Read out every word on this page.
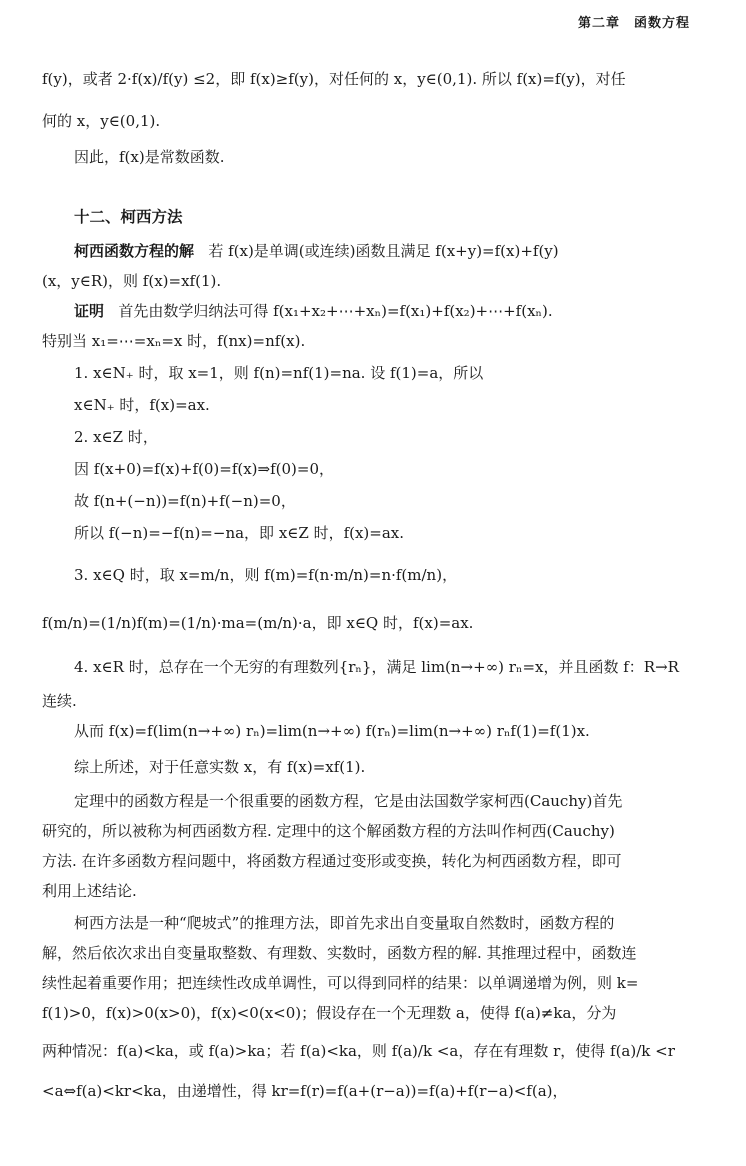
第二章　函数方程
f(y)，或者 2·f(x)/f(y) ≤2，即 f(x)≥f(y)，对任何的 x，y∈(0,1). 所以 f(x)=f(y)，对任
何的 x，y∈(0,1).
因此，f(x)是常数函数.
十二、柯西方法
柯西函数方程的解 若 f(x)是单调(或连续)函数且满足 f(x+y)=f(x)+f(y)
(x，y∈R)，则 f(x)=xf(1).
证明 首先由数学归纳法可得 f(x₁+x₂+⋯+xₙ)=f(x₁)+f(x₂)+⋯+f(xₙ).
特别当 x₁=⋯=xₙ=x 时，f(nx)=nf(x).
1. x∈N₊ 时，取 x=1，则 f(n)=nf(1)=na. 设 f(1)=a，所以
x∈N₊ 时，f(x)=ax.
2. x∈Z 时，
因 f(x+0)=f(x)+f(0)=f(x)⇒f(0)=0，
故 f(n+(−n))=f(n)+f(−n)=0，
所以 f(−n)=−f(n)=−na，即 x∈Z 时，f(x)=ax.
3. x∈Q 时，取 x=m/n，则 f(m)=f(n·m/n)=n·f(m/n)，
f(m/n)=(1/n)f(m)=(1/n)·ma=(m/n)·a，即 x∈Q 时，f(x)=ax.
4. x∈R 时，总存在一个无穷的有理数列{rₙ}，满足 lim(n→+∞) rₙ=x，并且函数 f：R→R
连续.
从而 f(x)=f(lim(n→+∞) rₙ)=lim(n→+∞) f(rₙ)=lim(n→+∞) rₙf(1)=f(1)x.
综上所述，对于任意实数 x，有 f(x)=xf(1).
定理中的函数方程是一个很重要的函数方程，它是由法国数学家柯西(Cauchy)首先
研究的，所以被称为柯西函数方程. 定理中的这个解函数方程的方法叫作柯西(Cauchy)
方法. 在许多函数方程问题中，将函数方程通过变形或变换，转化为柯西函数方程，即可
利用上述结论.
柯西方法是一种“爬坡式”的推理方法，即首先求出自变量取自然数时，函数方程的
解，然后依次求出自变量取整数、有理数、实数时，函数方程的解. 其推理过程中，函数连
续性起着重要作用；把连续性改成单调性，可以得到同样的结果：以单调递增为例，则 k=
f(1)>0，f(x)>0(x>0)，f(x)<0(x<0)；假设存在一个无理数 a，使得 f(a)≠ka，分为
两种情况：f(a)<ka，或 f(a)>ka；若 f(a)<ka，则 f(a)/k <a，存在有理数 r，使得 f(a)/k <r
<a⇔f(a)<kr<ka，由递增性，得 kr=f(r)=f(a+(r−a))=f(a)+f(r−a)<f(a)，
